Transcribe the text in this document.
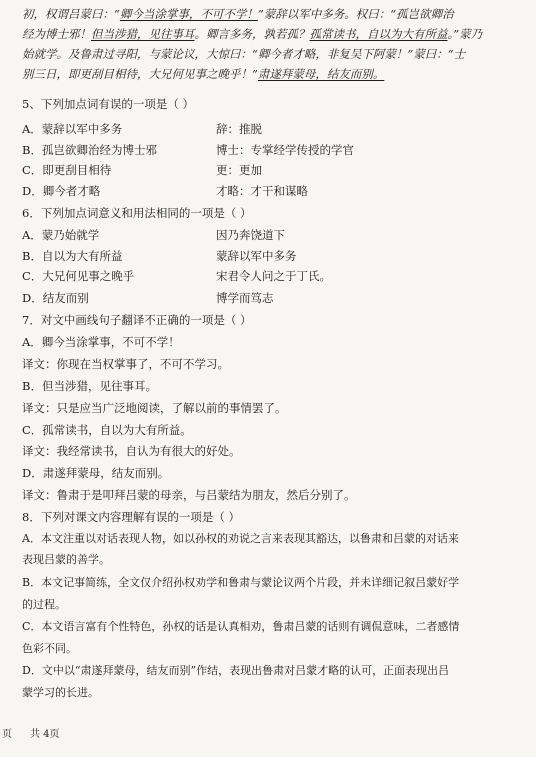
初，权谓吕蒙曰：“卿今当涂掌事，不可不学！”蒙辞以军中多务。权曰：“孤岂欲卿治
经为博士邪！但当涉猎，见往事耳。卿言多务，孰若孤？孤常读书，自以为大有所益。”蒙乃
始就学。及鲁肃过寻阳，与蒙论议，大惊曰：“卿今者才略，非复吴下阿蒙！”蒙曰：“士
别三日，即更刮目相待，大兄何见事之晚乎！”肃遂拜蒙母，结友而别。
5、下列加点词有误的一项是（ ）
A．蒙辞以军中多务	辞：推脱
B．孤岂欲卿治经为博士邪	博士：专掌经学传授的学官
C．即更刮目相待	更：更加
D．卿今者才略	才略：才干和谋略
6．下列加点词意义和用法相同的一项是（ ）
A．蒙乃始就学	因乃奔饶道下
B．自以为大有所益	蒙辞以军中多务
C．大兄何见事之晚乎	宋君令人问之于丁氏。
D．结友而别	博学而笃志
7．对文中画线句子翻译不正确的一项是（ ）
A．卿今当涂掌事，不可不学！
译文：你现在当权掌事了，不可不学习。
B．但当涉猎，见往事耳。
译文：只是应当广泛地阅读，了解以前的事情罢了。
C．孤常读书，自以为大有所益。
译文：我经常读书，自认为有很大的好处。
D．肃遂拜蒙母，结友而别。
译文：鲁肃于是叩拜吕蒙的母亲，与吕蒙结为朋友，然后分别了。
8．下列对课文内容理解有误的一项是（ ）
A．本文注重以对话表现人物，如以孙权的劝说之言来表现其豁达，以鲁肃和吕蒙的对话来
表现吕蒙的善学。
B．本文记事简练，全文仅介绍孙权劝学和鲁肃与蒙论议两个片段，并未详细记叙吕蒙好学
的过程。
C．本文语言富有个性特色，孙权的话是认真相劝，鲁肃吕蒙的话则有调侃意味，二者感情
色彩不同。
D．文中以“肃遂拜蒙母，结友而别”作结，表现出鲁肃对吕蒙才略的认可，正面表现出吕
蒙学习的长进。
页 共 4页
